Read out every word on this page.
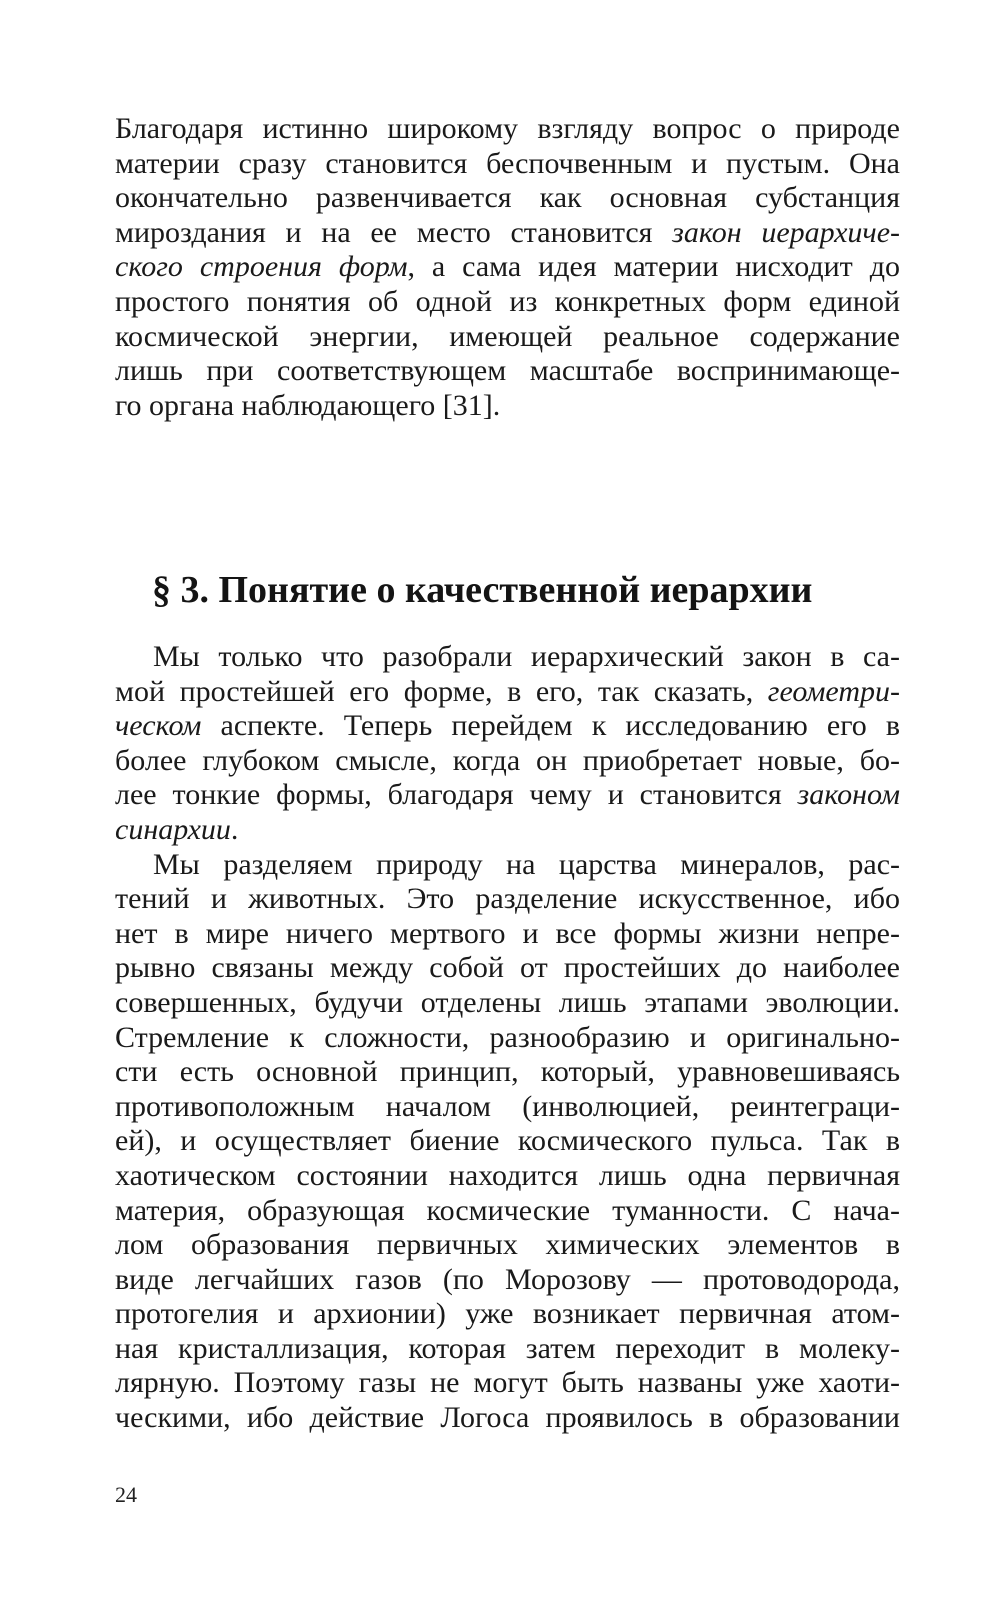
Благодаря истинно широкому взгляду вопрос о природе
материи сразу становится беспочвенным и пустым. Она
окончательно развенчивается как основная субстанция
мироздания и на ее место становится закон иерархиче-
ского строения форм, а сама идея материи нисходит до
простого понятия об одной из конкретных форм единой
космической энергии, имеющей реальное содержание
лишь при соответствующем масштабе воспринимающе-
го органа наблюдающего [31].
§ 3. Понятие о качественной иерархии
Мы только что разобрали иерархический закон в са-
мой простейшей его форме, в его, так сказать, геометри-
ческом аспекте. Теперь перейдем к исследованию его в
более глубоком смысле, когда он приобретает новые, бо-
лее тонкие формы, благодаря чему и становится законом
синархии.
Мы разделяем природу на царства минералов, рас-
тений и животных. Это разделение искусственное, ибо
нет в мире ничего мертвого и все формы жизни непре-
рывно связаны между собой от простейших до наиболее
совершенных, будучи отделены лишь этапами эволюции.
Стремление к сложности, разнообразию и оригинально-
сти есть основной принцип, который, уравновешиваясь
противоположным началом (инволюцией, реинтеграци-
ей), и осуществляет биение космического пульса. Так в
хаотическом состоянии находится лишь одна первичная
материя, образующая космические туманности. С нача-
лом образования первичных химических элементов в
виде легчайших газов (по Морозову — протоводорода,
протогелия и архионии) уже возникает первичная атом-
ная кристаллизация, которая затем переходит в молеку-
лярную. Поэтому газы не могут быть названы уже хаоти-
ческими, ибо действие Логоса проявилось в образовании
24
